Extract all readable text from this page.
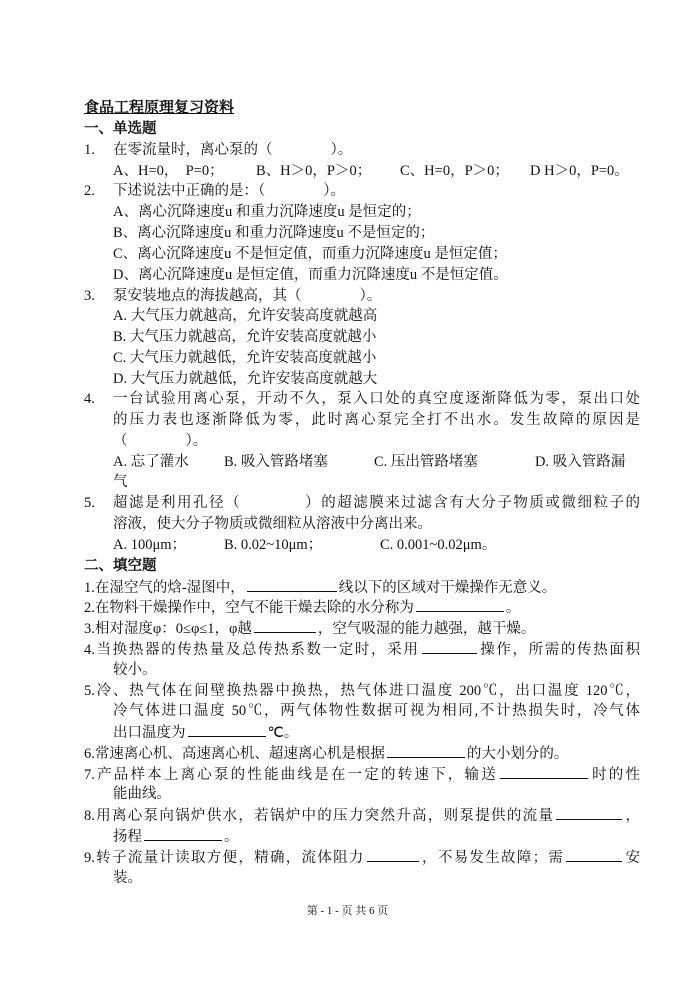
食品工程原理复习资料
一、单选题
1. 在零流量时，离心泵的（　　　　）。
A、H=0，　P=0； B、H＞0，P＞0； C、H=0，P＞0； D H＞0，P=0。
2. 下述说法中正确的是：（　　　　）。
A、离心沉降速度u 和重力沉降速度u 是恒定的；
B、离心沉降速度u 和重力沉降速度u 不是恒定的；
C、离心沉降速度u 不是恒定值，而重力沉降速度u 是恒定值；
D、离心沉降速度u 是恒定值，而重力沉降速度u 不是恒定值。
3. 泵安装地点的海拔越高，其（　　　　）。
A. 大气压力就越高，允许安装高度就越高
B. 大气压力就越高，允许安装高度就越小
C. 大气压力就越低，允许安装高度就越小
D. 大气压力就越低，允许安装高度就越大
4. 一台试验用离心泵，开动不久，泵入口处的真空度逐渐降低为零，泵出口处
的压力表也逐渐降低为零，此时离心泵完全打不出水。发生故障的原因是
（　　　　）。
A. 忘了灌水 B. 吸入管路堵塞	C. 压出管路堵塞	D. 吸入管路漏
气
5. 超滤是利用孔径（　　　　）的超滤膜来过滤含有大分子物质或微细粒子的
溶液，使大分子物质或微细粒从溶液中分离出来。
A. 100μm；	B. 0.02~10μm；	C. 0.001~0.02μm。
二、填空题
1.在湿空气的焓-湿图中，	线以下的区域对干燥操作无意义。
2.在物料干燥操作中，空气不能干燥去除的水分称为	。
3.相对湿度φ：0≤φ≤1，φ越	，空气吸湿的能力越强，越干燥。
4.当换热器的传热量及总传热系数一定时，采用	操作，所需的传热面积
较小。
5.冷、热气体在间壁换热器中换热，热气体进口温度 200℃，出口温度 120℃，
冷气体进口温度 50℃，两气体物性数据可视为相同,不计热损失时，冷气体
出口温度为	℃。
6.常速离心机、高速离心机、超速离心机是根据	的大小划分的。
7.产品样本上离心泵的性能曲线是在一定的转速下，输送	时的性
能曲线。
8.用离心泵向锅炉供水，若锅炉中的压力突然升高，则泵提供的流量	，
扬程	。
9.转子流量计读取方便，精确，流体阻力	，不易发生故障；需	安
装。
第 - 1 - 页 共 6 页
